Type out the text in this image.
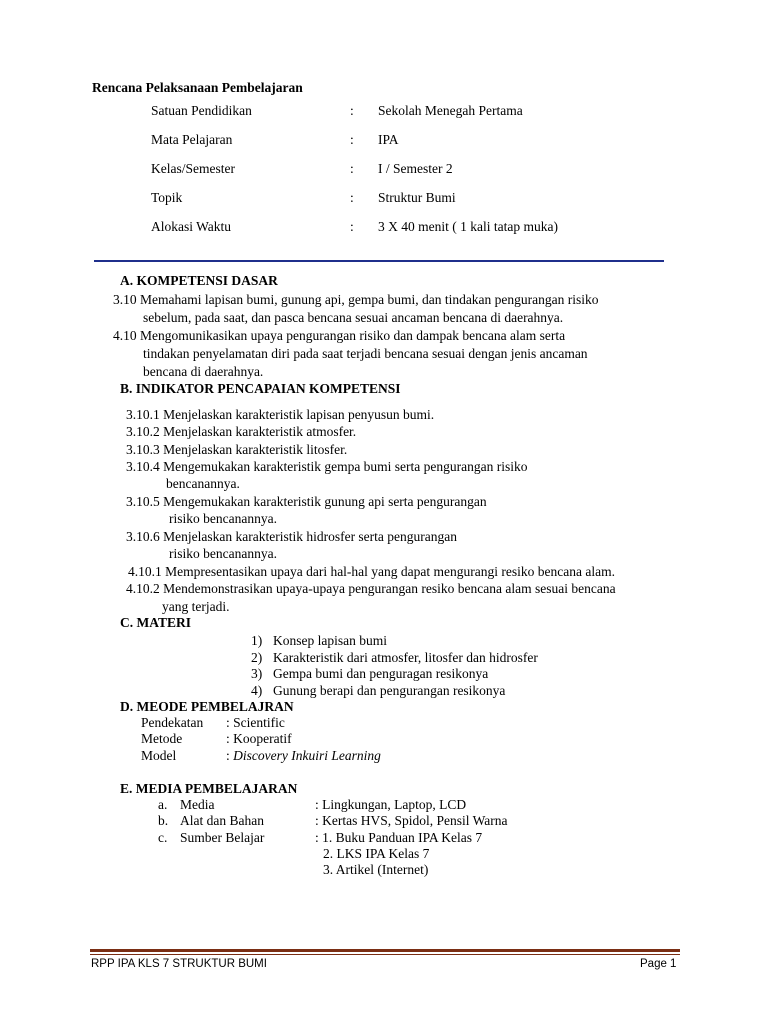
Rencana Pelaksanaan Pembelajaran
Satuan Pendidikan	: Sekolah Menegah Pertama
Mata Pelajaran	: IPA
Kelas/Semester	: I / Semester 2
Topik	: Struktur Bumi
Alokasi Waktu	: 3 X 40 menit ( 1 kali tatap muka)
A. KOMPETENSI DASAR
3.10 Memahami lapisan bumi, gunung api, gempa bumi, dan tindakan pengurangan risiko
sebelum, pada saat, dan pasca bencana sesuai ancaman bencana di daerahnya.
4.10 Mengomunikasikan upaya pengurangan risiko dan dampak bencana alam serta
tindakan penyelamatan diri pada saat terjadi bencana sesuai dengan jenis ancaman
bencana di daerahnya.
B. INDIKATOR PENCAPAIAN KOMPETENSI
3.10.1 Menjelaskan karakteristik lapisan penyusun bumi.
3.10.2 Menjelaskan karakteristik atmosfer.
3.10.3 Menjelaskan karakteristik litosfer.
3.10.4 Mengemukakan karakteristik gempa bumi serta pengurangan risiko
bencanannya.
3.10.5 Mengemukakan karakteristik gunung api serta pengurangan
risiko bencanannya.
3.10.6 Menjelaskan karakteristik hidrosfer serta pengurangan
risiko bencanannya.
4.10.1 Mempresentasikan upaya dari hal-hal yang dapat mengurangi resiko bencana alam.
4.10.2 Mendemonstrasikan upaya-upaya pengurangan resiko bencana alam sesuai bencana
yang terjadi.
C. MATERI
1) Konsep lapisan bumi
2) Karakteristik dari atmosfer, litosfer dan hidrosfer
3) Gempa bumi dan penguragan resikonya
4) Gunung berapi dan pengurangan resikonya
D. MEODE PEMBELAJRAN
Pendekatan : Scientific
Metode	: Kooperatif
Model	: Discovery Inkuiri Learning
E. MEDIA PEMBELAJARAN
a. Media	: Lingkungan, Laptop, LCD
b. Alat dan Bahan	: Kertas HVS, Spidol, Pensil Warna
c. Sumber Belajar	: 1. Buku Panduan IPA Kelas 7
2. LKS IPA Kelas 7
3. Artikel (Internet)
RPP IPA KLS 7 STRUKTUR BUMI	Page 1
